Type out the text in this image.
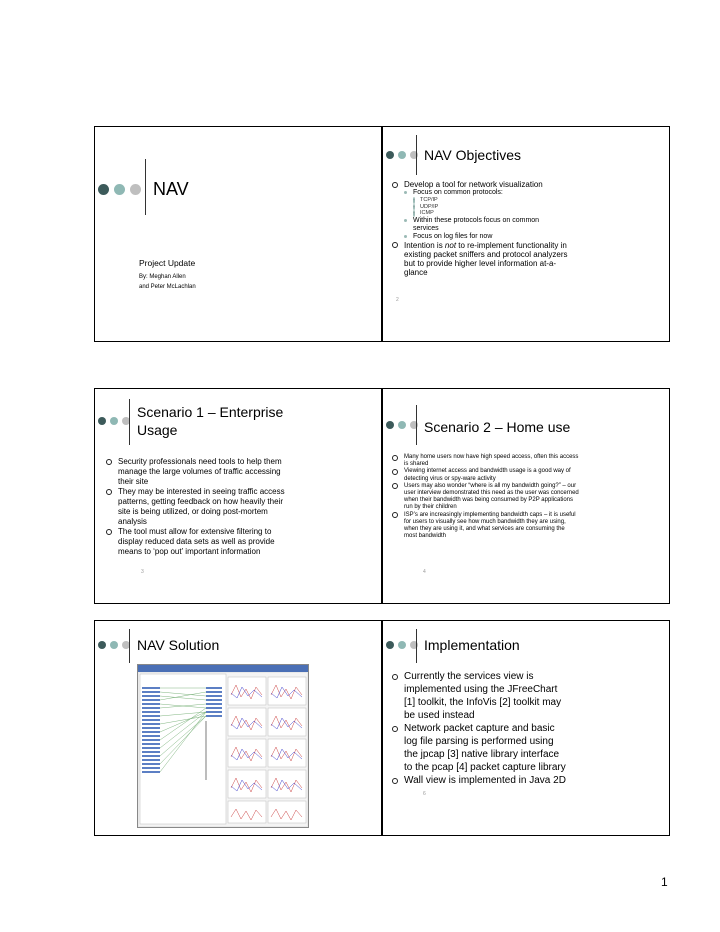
NAV
Project Update
By: Meghan Allen
and Peter McLachlan
NAV Objectives
Develop a tool for network visualization
Focus on common protocols:
◦ TCP/IP
◦ UDP/IP
◦ ICMP
Within these protocols focus on common services
Focus on log files for now
Intention is not to re-implement functionality in existing packet sniffers and protocol analyzers but to provide higher level information at-a-glance
2
Scenario 1 – Enterprise
Usage
Security professionals need tools to help them manage the large volumes of traffic accessing their site
They may be interested in seeing traffic access patterns, getting feedback on how heavily their site is being utilized, or doing post-mortem analysis
The tool must allow for extensive filtering to display reduced data sets as well as provide means to ‘pop out’ important information
3
Scenario 2 – Home use
Many home users now have high speed access, often this access is shared
Viewing internet access and bandwidth usage is a good way of detecting virus or spy-ware activity
Users may also wonder “where is all my bandwidth going?” – our user interview demonstrated this need as the user was concerned when their bandwidth was being consumed by P2P applications run by their children
ISP’s are increasingly implementing bandwidth caps – it is useful for users to visually see how much bandwidth they are using, when they are using it, and what services are consuming the most bandwidth
4
NAV Solution	Implementation
Currently the services view is implemented using the JFreeChart [1] toolkit, the InfoVis [2] toolkit may be used instead
Network packet capture and basic log file parsing is performed using the jpcap [3] native library interface to the pcap [4] packet capture library
Wall view is implemented in Java 2D
6
1
